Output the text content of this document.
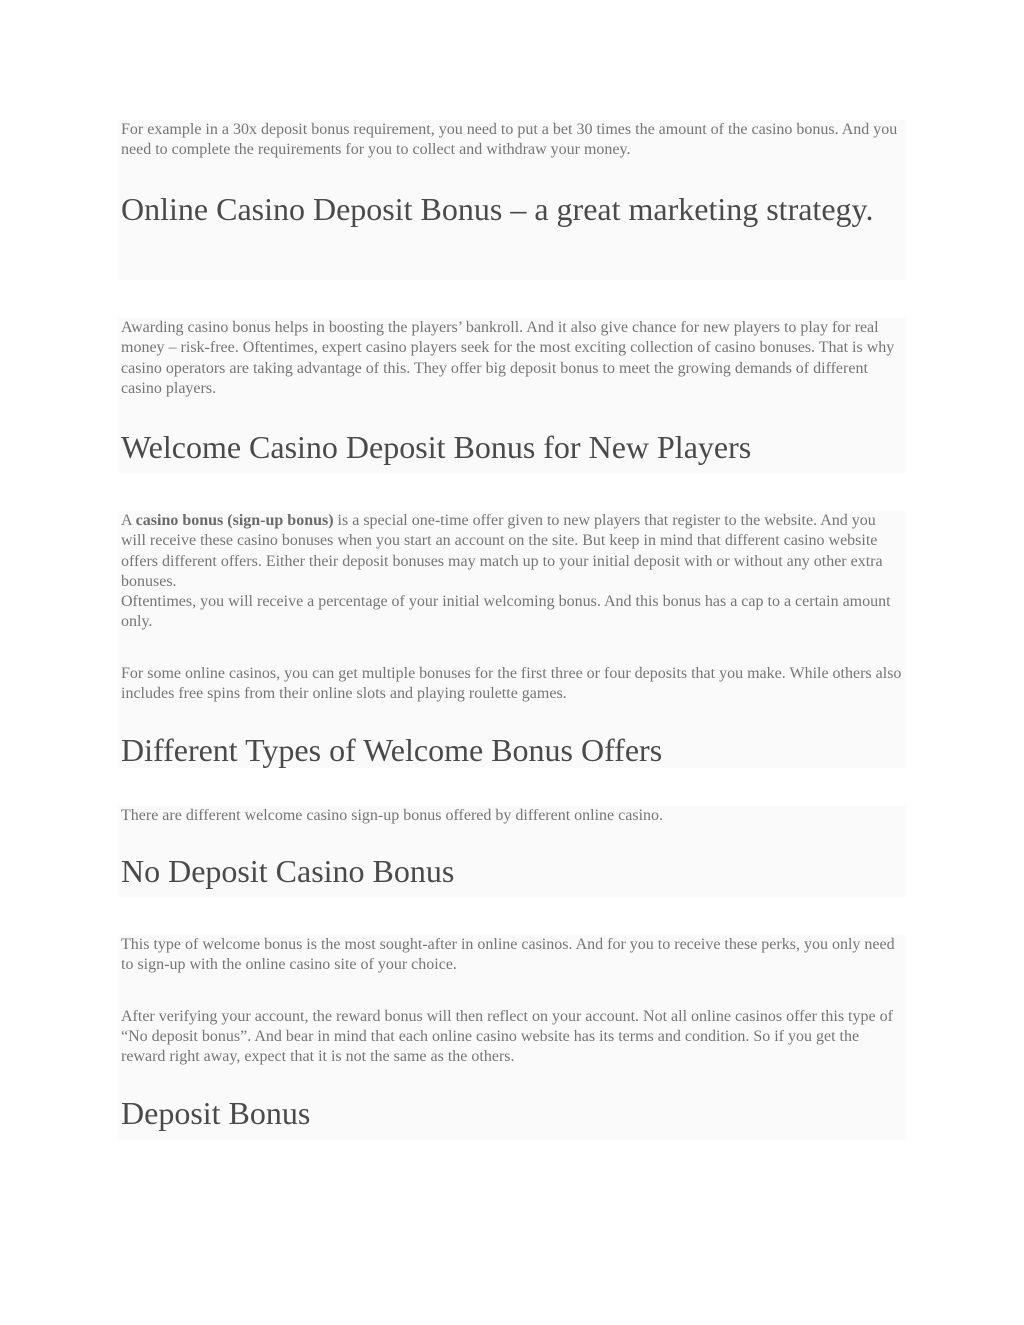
For example in a 30x deposit bonus requirement, you need to put a bet 30 times the amount of the casino bonus. And you need to complete the requirements for you to collect and withdraw your money.

Online Casino Deposit Bonus – a great marketing strategy.

Awarding casino bonus helps in boosting the players’ bankroll. And it also give chance for new players to play for real money – risk-free. Oftentimes, expert casino players seek for the most exciting collection of casino bonuses. That is why casino operators are taking advantage of this. They offer big deposit bonus to meet the growing demands of different casino players.

Welcome Casino Deposit Bonus for New Players

A casino bonus (sign-up bonus) is a special one-time offer given to new players that register to the website. And you will receive these casino bonuses when you start an account on the site. But keep in mind that different casino website offers different offers. Either their deposit bonuses may match up to your initial deposit with or without any other extra bonuses.
Oftentimes, you will receive a percentage of your initial welcoming bonus. And this bonus has a cap to a certain amount only.

For some online casinos, you can get multiple bonuses for the first three or four deposits that you make. While others also includes free spins from their online slots and playing roulette games.

Different Types of Welcome Bonus Offers

There are different welcome casino sign-up bonus offered by different online casino.

No Deposit Casino Bonus

This type of welcome bonus is the most sought-after in online casinos. And for you to receive these perks, you only need to sign-up with the online casino site of your choice.

After verifying your account, the reward bonus will then reflect on your account. Not all online casinos offer this type of “No deposit bonus”. And bear in mind that each online casino website has its terms and condition. So if you get the reward right away, expect that it is not the same as the others.

Deposit Bonus
